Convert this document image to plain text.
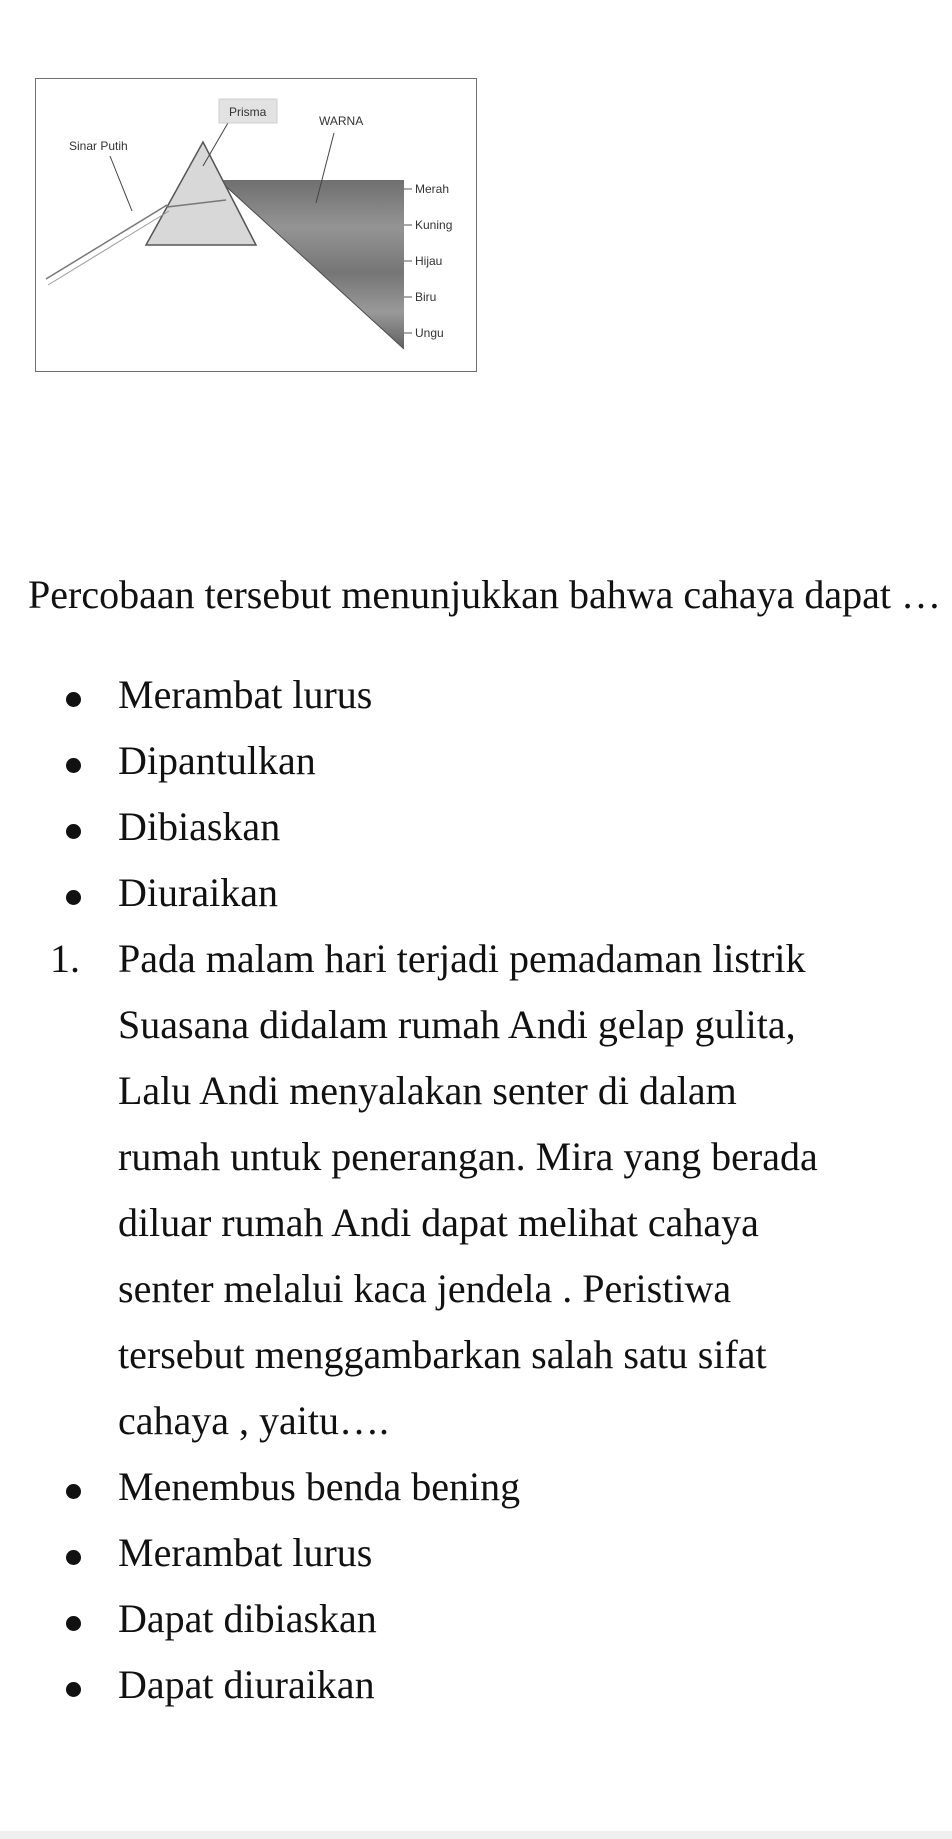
Prisma
Sinar Putih
WARNA
Merah
Kuning
Hijau
Biru
Ungu

Percobaan tersebut menunjukkan bahwa cahaya dapat …

Merambat lurus
Dipantulkan
Dibiaskan
Diuraikan
1. Pada malam hari terjadi pemadaman listrik
Suasana didalam rumah Andi gelap gulita,
Lalu Andi menyalakan senter di dalam
rumah untuk penerangan. Mira yang berada
diluar rumah Andi dapat melihat cahaya
senter melalui kaca jendela . Peristiwa
tersebut menggambarkan salah satu sifat
cahaya , yaitu….
Menembus benda bening
Merambat lurus
Dapat dibiaskan
Dapat diuraikan
